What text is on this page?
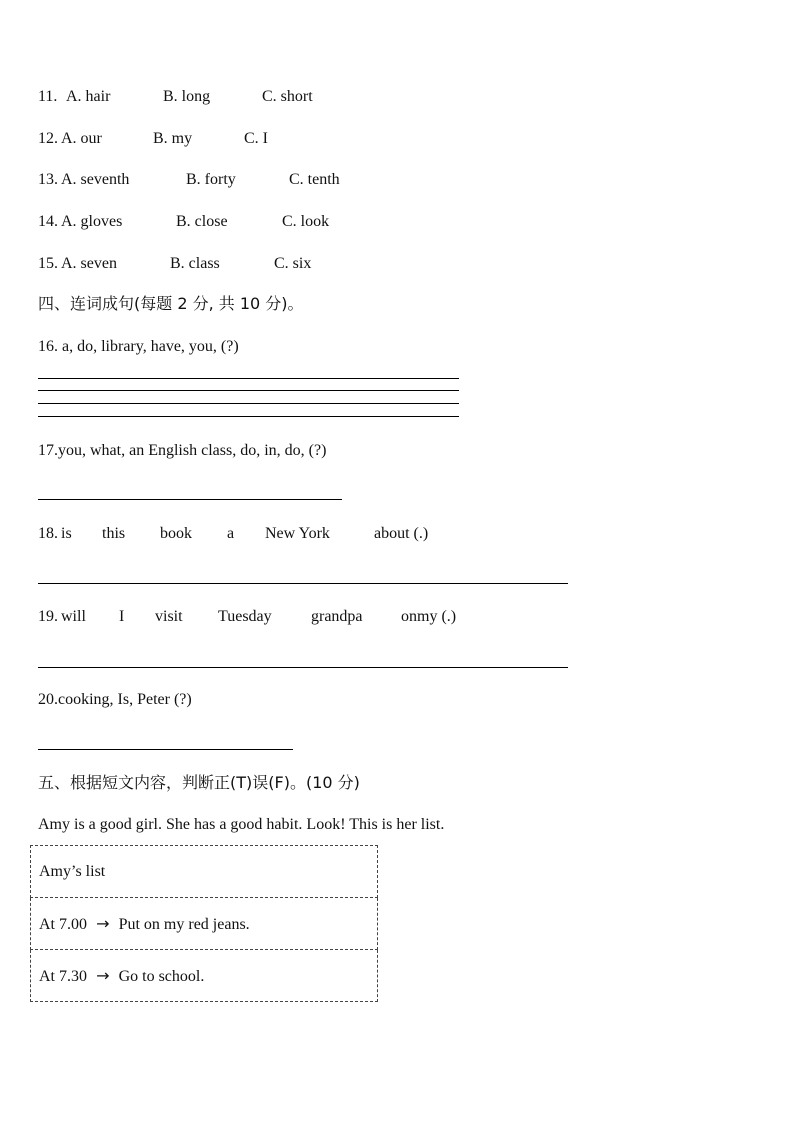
11. A. hair	B. long	C. short
12. A. our	B. my	C. I
13. A. seventh	B. forty	C. tenth
14. A. gloves	B. close	C. look
15. A. seven	B. class	C. six
四、连词成句(每题 2 分, 共 10 分)。
16. a, do, library, have, you, (?)
17.you, what, an English class, do, in, do, (?)
18. is this book a New York	about (.)
19. will I visit Tuesday grandpa onmy (.)
20.cooking, Is, Peter (?)
五、根据短文内容，判断正(T)误(F)。(10 分)
Amy is a good girl. She has a good habit. Look! This is her list.
Amy’s list
At 7.00  →  Put on my red jeans.
At 7.30  →  Go to school.
